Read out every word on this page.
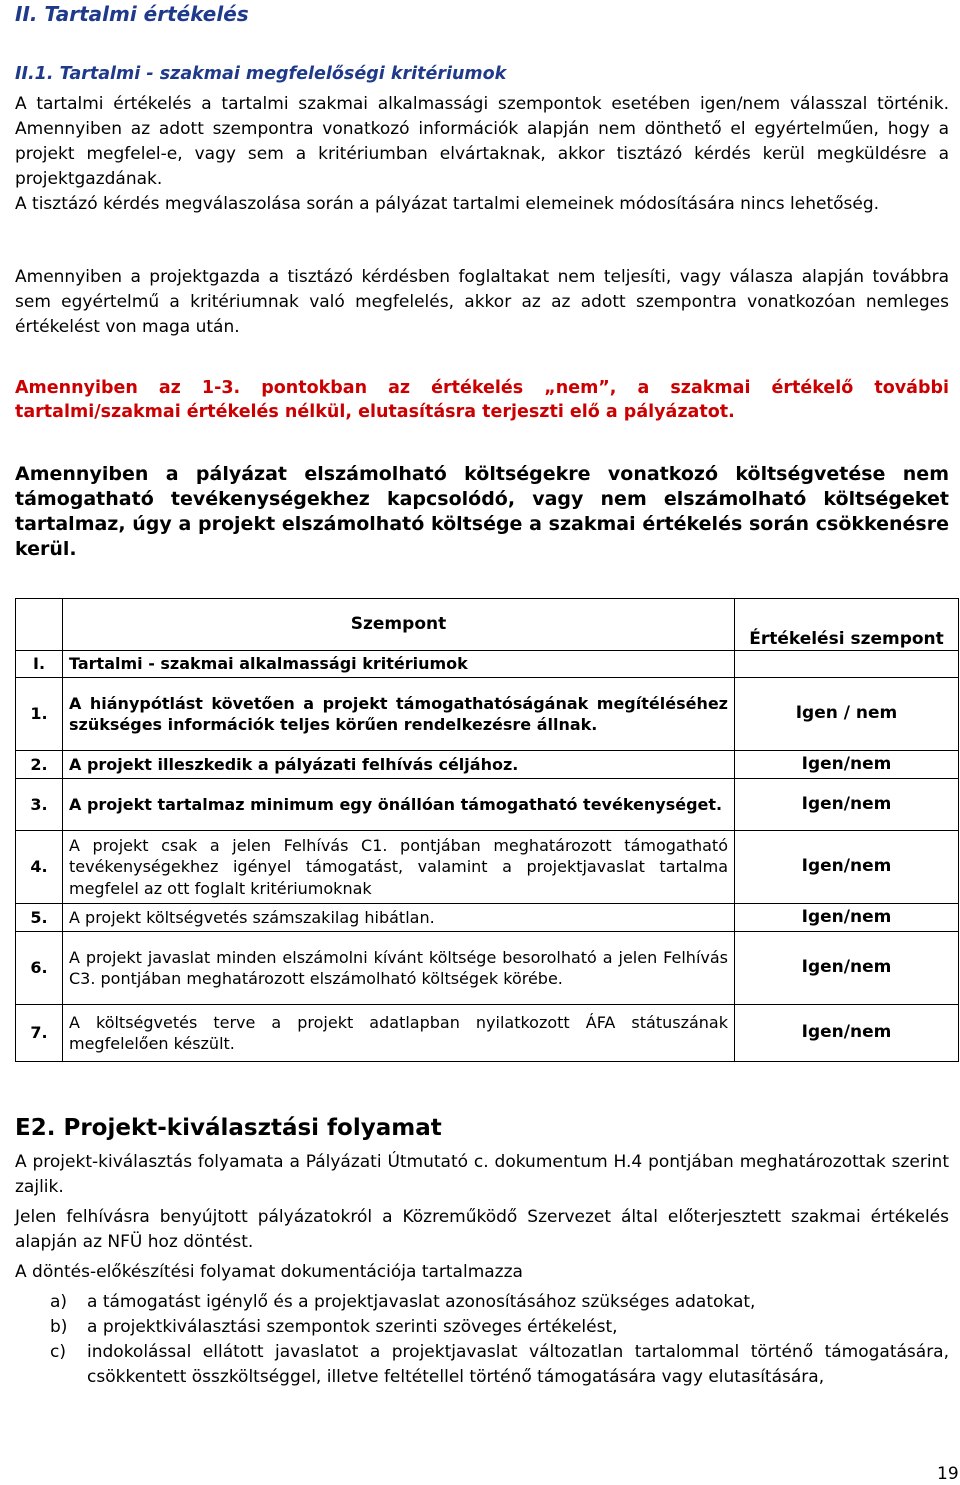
II. Tartalmi értékelés
II.1. Tartalmi - szakmai megfelelőségi kritériumok

A tartalmi értékelés a tartalmi szakmai alkalmassági szempontok esetében igen/nem válasszal történik. Amennyiben az adott szempontra vonatkozó információk alapján nem dönthető el egyértelműen, hogy a projekt megfelel-e, vagy sem a kritériumban elvártaknak, akkor tisztázó kérdés kerül megküldésre a projektgazdának.

A tisztázó kérdés megválaszolása során a pályázat tartalmi elemeinek módosítására nincs lehetőség.

Amennyiben a projektgazda a tisztázó kérdésben foglaltakat nem teljesíti, vagy válasza alapján továbbra sem egyértelmű a kritériumnak való megfelelés, akkor az az adott szempontra vonatkozóan nemleges értékelést von maga után.

Amennyiben az 1-3. pontokban az értékelés „nem”, a szakmai értékelő további tartalmi/szakmai értékelés nélkül, elutasításra terjeszti elő a pályázatot.

Amennyiben a pályázat elszámolható költségekre vonatkozó költségvetése nem támogatható tevékenységekhez kapcsolódó, vagy nem elszámolható költségeket tartalmaz, úgy a projekt elszámolható költsége a szakmai értékelés során csökkenésre kerül.

E2. Projekt-kiválasztási folyamat

A projekt-kiválasztás folyamata a Pályázati Útmutató c. dokumentum H.4 pontjában meghatározottak szerint zajlik.

Jelen felhívásra benyújtott pályázatokról a Közreműködő Szervezet által előterjesztett szakmai értékelés alapján az NFÜ hoz döntést.

A döntés-előkészítési folyamat dokumentációja tartalmazza

a) a támogatást igénylő és a projektjavaslat azonosításához szükséges adatokat,
b) a projektkiválasztási szempontok szerinti szöveges értékelést,
c) indokolással ellátott javaslatot a projektjavaslat változatlan tartalommal történő támogatására, csökkentett összköltséggel, illetve feltétellel történő támogatására vagy elutasítására,
19
	Szempont	Értékelési szempont
I.	Tartalmi - szakmai alkalmassági kritériumok	
1.	A hiánypótlást követően a projekt támogathatóságának megítéléséhez szükséges információk teljes körűen rendelkezésre állnak.	Igen / nem
2.	A projekt illeszkedik a pályázati felhívás céljához.	Igen/nem
3.	A projekt tartalmaz minimum egy önállóan támogatható tevékenységet.	Igen/nem
4.	A projekt csak a jelen Felhívás C1. pontjában meghatározott támogatható tevékenységekhez igényel támogatást, valamint a projektjavaslat tartalma megfelel az ott foglalt kritériumoknak	Igen/nem
5.	A projekt költségvetés számszakilag hibátlan.	Igen/nem
6.	A projekt javaslat minden elszámolni kívánt költsége besorolható a jelen Felhívás C3. pontjában meghatározott elszámolható költségek körébe.	Igen/nem
7.	A költségvetés terve a projekt adatlapban nyilatkozott ÁFA státuszának megfelelően készült.	Igen/nem
